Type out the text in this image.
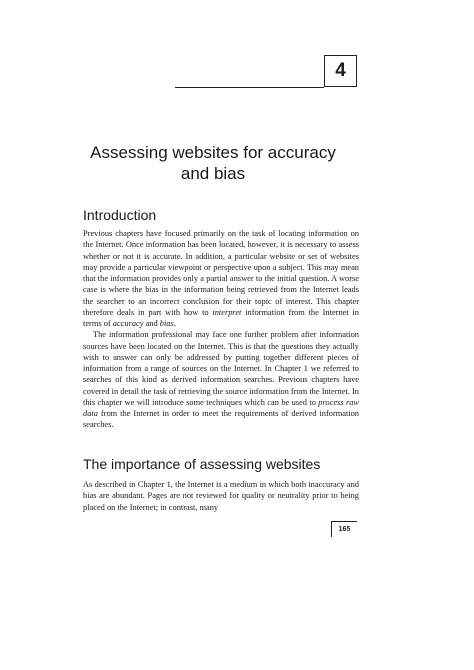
4
Assessing websites for accuracy
and bias
Introduction

Previous chapters have focused primarily on the task of locating information on the Internet. Once information has been located, however, it is necessary to assess whether or not it is accurate. In addition, a particular website or set of websites may provide a particular viewpoint or perspective upon a subject. This may mean that the information provides only a partial answer to the initial question. A worse case is where the bias in the information being retrieved from the Internet leads the searcher to an incorrect conclusion for their topic of interest. This chapter therefore deals in part with how to interpret information from the Internet in terms of accuracy and bias.

The information professional may face one further problem after information sources have been located on the Internet. This is that the questions they actually wish to answer can only be addressed by putting together different pieces of information from a range of sources on the Internet. In Chapter 1 we referred to searches of this kind as derived information searches. Previous chapters have covered in detail the task of retrieving the source information from the Internet. In this chapter we will introduce some techniques which can be used to process raw data from the Internet in order to meet the requirements of derived information searches.

The importance of assessing websites

As described in Chapter 1, the Internet is a medium in which both inaccuracy and bias are abundant. Pages are not reviewed for quality or neutrality prior to being placed on the Internet; in contrast, many

165
